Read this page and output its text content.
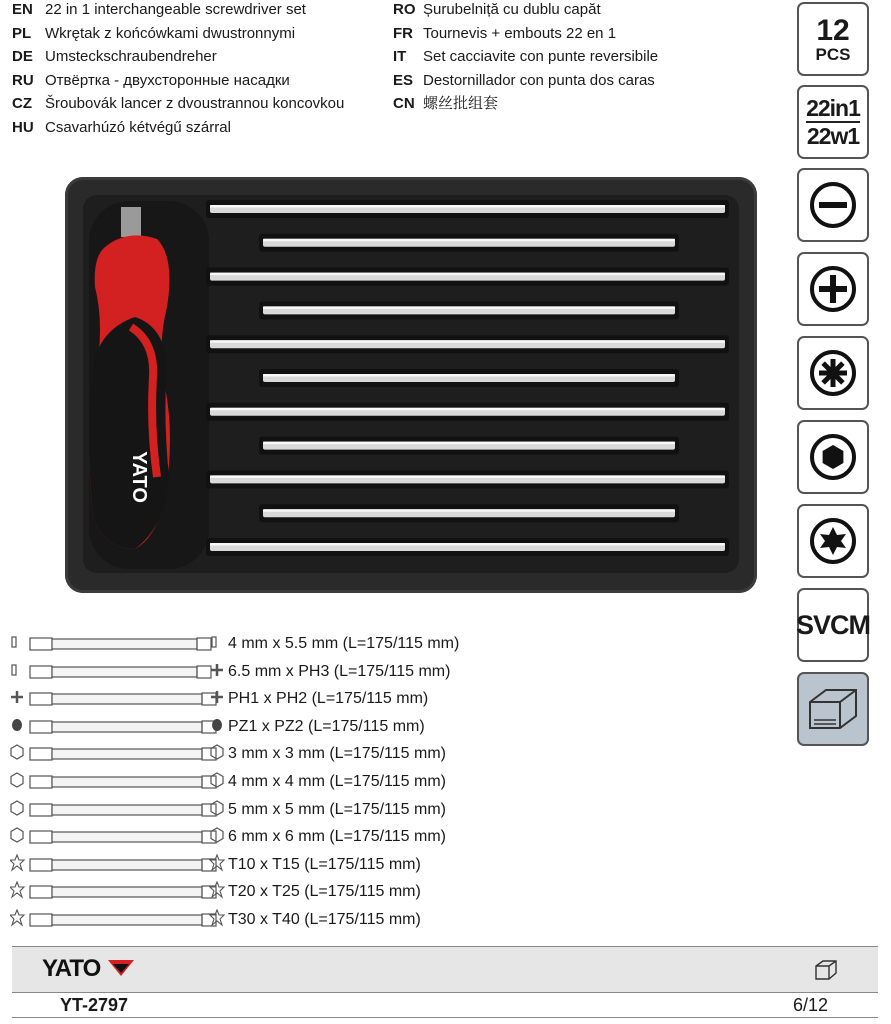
EN 22 in 1 interchangeable screwdriver set
PL Wkrętak z końcówkami dwustronnymi
DE Umsteckschraubendreher
RU Отвёртка - двухсторонные насадки
CZ Šroubovák lancer z dvoustrannou koncovkou
HU Csavarhúzó kétvégű szárral
RO Șurubelniță cu dublu capăt
FR Tournevis + embouts 22 en 1
IT Set cacciavite con punte reversibile
ES Destornillador con punta dos caras
CN 螺丝批组套
12
PCS
22in1
22w1
SVCM
YATO
4 mm x 5.5 mm (L=175/115 mm)
6.5 mm x PH3 (L=175/115 mm)
PH1 x PH2 (L=175/115 mm)
PZ1 x PZ2 (L=175/115 mm)
3 mm x 3 mm (L=175/115 mm)
4 mm x 4 mm (L=175/115 mm)
5 mm x 5 mm (L=175/115 mm)
6 mm x 6 mm (L=175/115 mm)
T10 x T15 (L=175/115 mm)
T20 x T25 (L=175/115 mm)
T30 x T40 (L=175/115 mm)
YATO
YT-2797	6/12
